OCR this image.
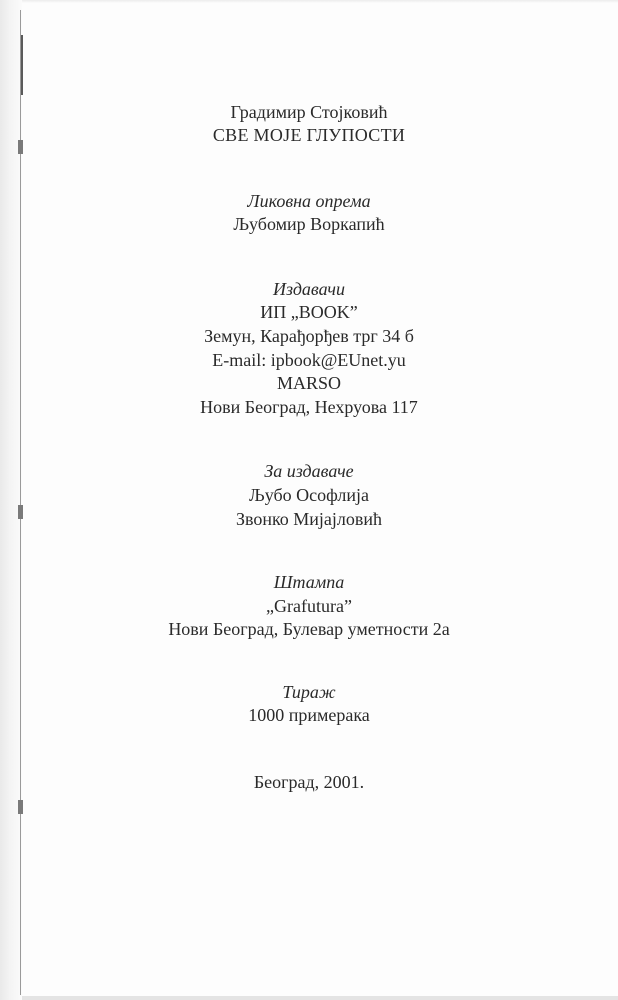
Градимир Стојковић
СВЕ МОЈЕ ГЛУПОСТИ
Ликовна опрема
Љубомир Воркапић
Издавачи
ИП „BOOK”
Земун, Карађорђев трг 34 б
E-mail: ipbook@EUnet.yu
MARSO
Нови Београд, Нехруова 117
За издаваче
Љубо Ософлија
Звонко Мијајловић
Штампа
„Grafutura”
Нови Београд, Булевар уметности 2а
Тираж
1000 примерака
Београд, 2001.
